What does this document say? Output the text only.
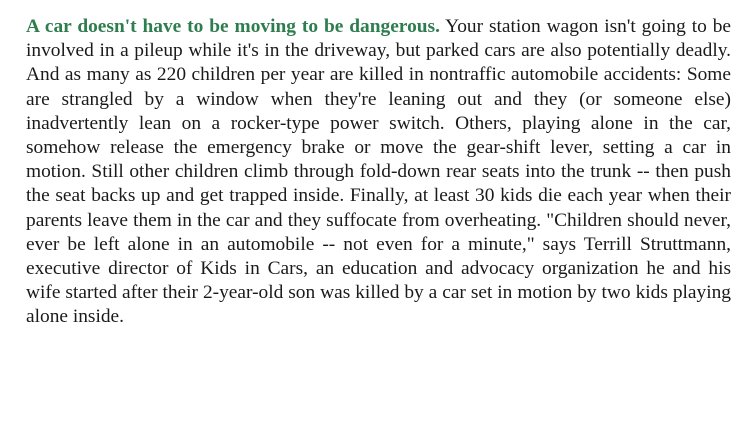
A car doesn't have to be moving to be dangerous. Your station wagon isn't going to be involved in a pileup while it's in the driveway, but parked cars are also potentially deadly. And as many as 220 children per year are killed in nontraffic automobile accidents: Some are strangled by a window when they're leaning out and they (or someone else) inadvertently lean on a rocker-type power switch. Others, playing alone in the car, somehow release the emergency brake or move the gear-shift lever, setting a car in motion. Still other children climb through fold-down rear seats into the trunk -- then push the seat backs up and get trapped inside. Finally, at least 30 kids die each year when their parents leave them in the car and they suffocate from overheating. "Children should never, ever be left alone in an automobile -- not even for a minute," says Terrill Struttmann, executive director of Kids in Cars, an education and advocacy organization he and his wife started after their 2-year-old son was killed by a car set in motion by two kids playing alone inside.
